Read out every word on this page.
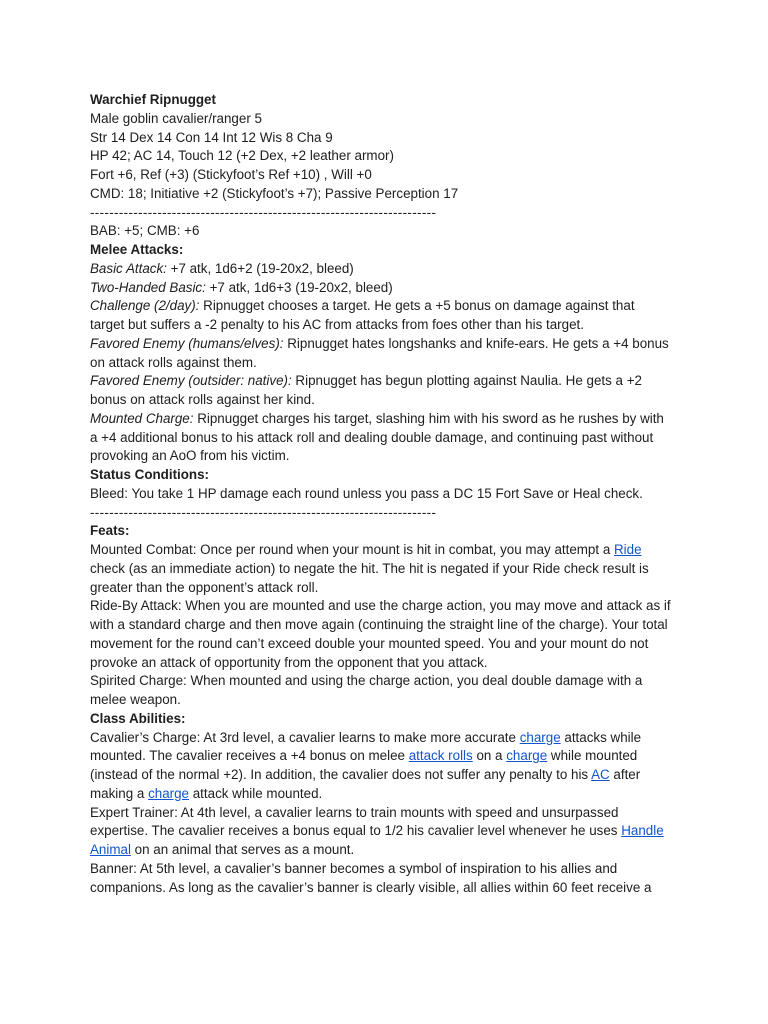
Warchief Ripnugget
Male goblin cavalier/ranger 5
Str 14 Dex 14 Con 14 Int 12 Wis 8 Cha 9
HP 42; AC 14, Touch 12 (+2 Dex, +2 leather armor)
Fort +6, Ref (+3) (Stickyfoot’s Ref +10) , Will +0
CMD: 18; Initiative +2 (Stickyfoot’s +7); Passive Perception 17
------------------------------------------------------------------------
BAB: +5; CMB: +6
Melee Attacks:
Basic Attack: +7 atk, 1d6+2 (19-20x2, bleed)
Two-Handed Basic: +7 atk, 1d6+3 (19-20x2, bleed)
Challenge (2/day): Ripnugget chooses a target. He gets a +5 bonus on damage against that target but suffers a -2 penalty to his AC from attacks from foes other than his target.
Favored Enemy (humans/elves): Ripnugget hates longshanks and knife-ears. He gets a +4 bonus on attack rolls against them.
Favored Enemy (outsider: native): Ripnugget has begun plotting against Naulia. He gets a +2 bonus on attack rolls against her kind.
Mounted Charge: Ripnugget charges his target, slashing him with his sword as he rushes by with a +4 additional bonus to his attack roll and dealing double damage, and continuing past without provoking an AoO from his victim.
Status Conditions:
Bleed: You take 1 HP damage each round unless you pass a DC 15 Fort Save or Heal check.
------------------------------------------------------------------------
Feats:
Mounted Combat: Once per round when your mount is hit in combat, you may attempt a Ride check (as an immediate action) to negate the hit. The hit is negated if your Ride check result is greater than the opponent’s attack roll.
Ride-By Attack: When you are mounted and use the charge action, you may move and attack as if with a standard charge and then move again (continuing the straight line of the charge). Your total movement for the round can’t exceed double your mounted speed. You and your mount do not provoke an attack of opportunity from the opponent that you attack.
Spirited Charge: When mounted and using the charge action, you deal double damage with a melee weapon.
Class Abilities:
Cavalier’s Charge: At 3rd level, a cavalier learns to make more accurate charge attacks while mounted. The cavalier receives a +4 bonus on melee attack rolls on a charge while mounted (instead of the normal +2). In addition, the cavalier does not suffer any penalty to his AC after making a charge attack while mounted.
Expert Trainer: At 4th level, a cavalier learns to train mounts with speed and unsurpassed expertise. The cavalier receives a bonus equal to 1/2 his cavalier level whenever he uses Handle Animal on an animal that serves as a mount.
Banner: At 5th level, a cavalier’s banner becomes a symbol of inspiration to his allies and companions. As long as the cavalier’s banner is clearly visible, all allies within 60 feet receive a
